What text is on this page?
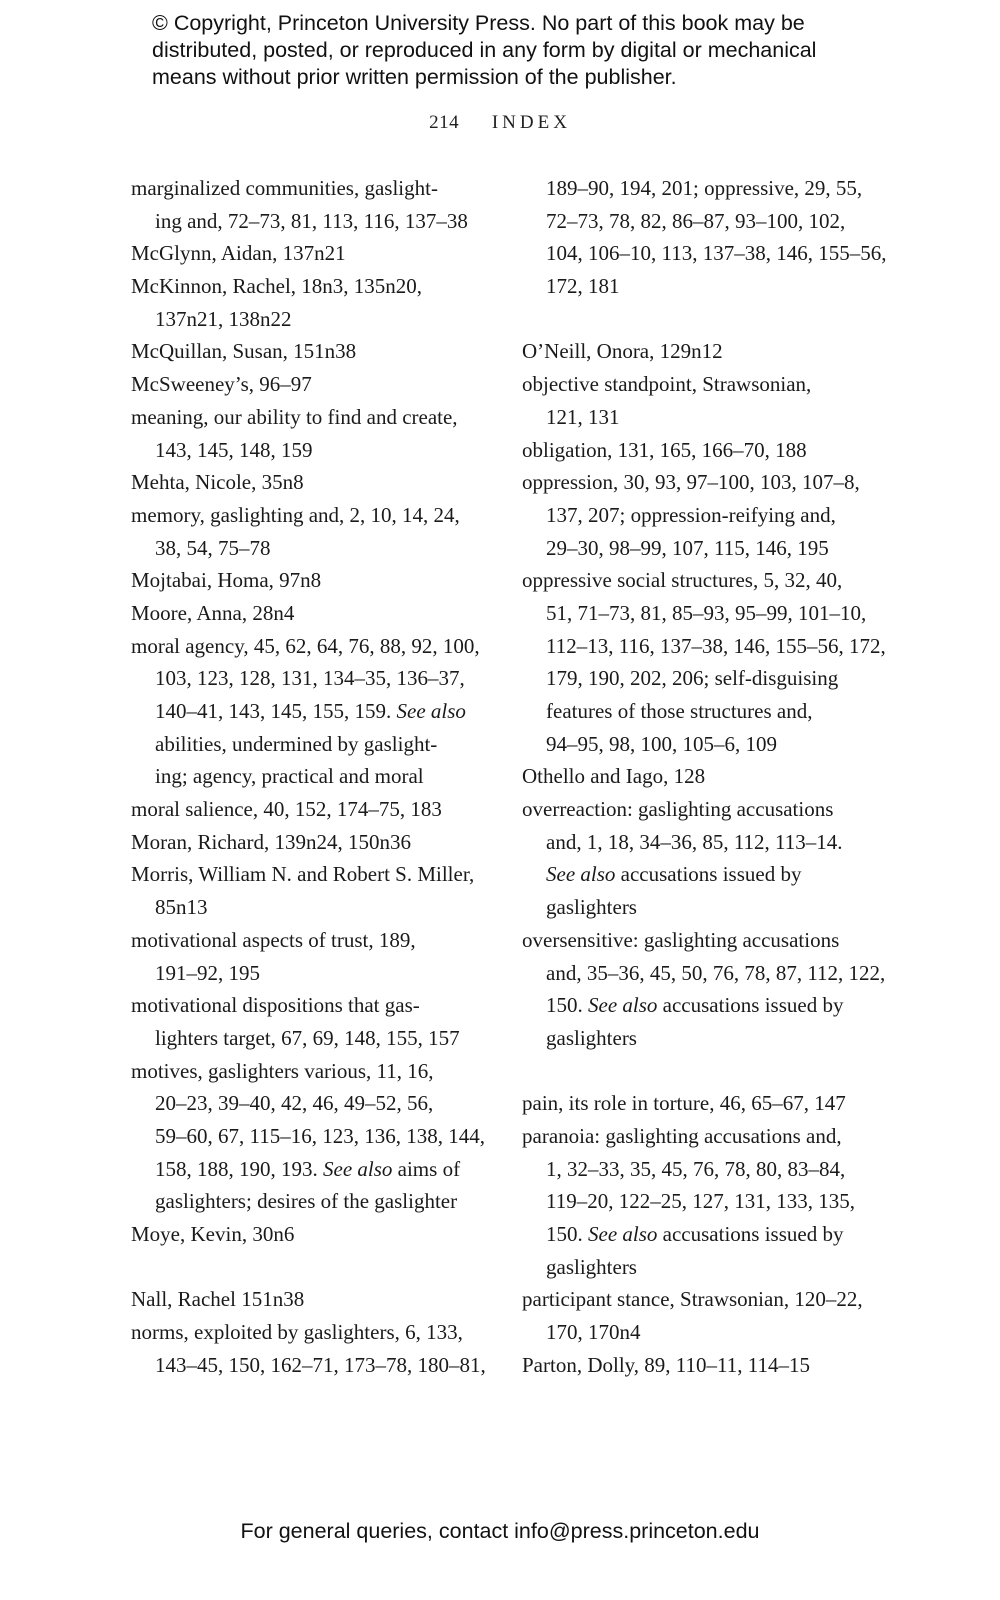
© Copyright, Princeton University Press. No part of this book may be
distributed, posted, or reproduced in any form by digital or mechanical
means without prior written permission of the publisher.
214 INDEX
marginalized communities, gaslight-
ing and, 72–73, 81, 113, 116, 137–38
McGlynn, Aidan, 137n21
McKinnon, Rachel, 18n3, 135n20,
137n21, 138n22
McQuillan, Susan, 151n38
McSweeney’s, 96–97
meaning, our ability to find and create,
143, 145, 148, 159
Mehta, Nicole, 35n8
memory, gaslighting and, 2, 10, 14, 24,
38, 54, 75–78
Mojtabai, Homa, 97n8
Moore, Anna, 28n4
moral agency, 45, 62, 64, 76, 88, 92, 100,
103, 123, 128, 131, 134–35, 136–37,
140–41, 143, 145, 155, 159. See also
abilities, undermined by gaslight-
ing; agency, practical and moral
moral salience, 40, 152, 174–75, 183
Moran, Richard, 139n24, 150n36
Morris, William N. and Robert S. Miller,
85n13
motivational aspects of trust, 189,
191–92, 195
motivational dispositions that gas-
lighters target, 67, 69, 148, 155, 157
motives, gaslighters various, 11, 16,
20–23, 39–40, 42, 46, 49–52, 56,
59–60, 67, 115–16, 123, 136, 138, 144,
158, 188, 190, 193. See also aims of
gaslighters; desires of the gaslighter
Moye, Kevin, 30n6
Nall, Rachel 151n38
norms, exploited by gaslighters, 6, 133,
143–45, 150, 162–71, 173–78, 180–81,
189–90, 194, 201; oppressive, 29, 55,
72–73, 78, 82, 86–87, 93–100, 102,
104, 106–10, 113, 137–38, 146, 155–56,
172, 181
O’Neill, Onora, 129n12
objective standpoint, Strawsonian,
121, 131
obligation, 131, 165, 166–70, 188
oppression, 30, 93, 97–100, 103, 107–8,
137, 207; oppression-reifying and,
29–30, 98–99, 107, 115, 146, 195
oppressive social structures, 5, 32, 40,
51, 71–73, 81, 85–93, 95–99, 101–10,
112–13, 116, 137–38, 146, 155–56, 172,
179, 190, 202, 206; self-disguising
features of those structures and,
94–95, 98, 100, 105–6, 109
Othello and Iago, 128
overreaction: gaslighting accusations
and, 1, 18, 34–36, 85, 112, 113–14.
See also accusations issued by
gaslighters
oversensitive: gaslighting accusations
and, 35–36, 45, 50, 76, 78, 87, 112, 122,
150. See also accusations issued by
gaslighters
pain, its role in torture, 46, 65–67, 147
paranoia: gaslighting accusations and,
1, 32–33, 35, 45, 76, 78, 80, 83–84,
119–20, 122–25, 127, 131, 133, 135,
150. See also accusations issued by
gaslighters
participant stance, Strawsonian, 120–22,
170, 170n4
Parton, Dolly, 89, 110–11, 114–15
For general queries, contact info@press.princeton.edu
